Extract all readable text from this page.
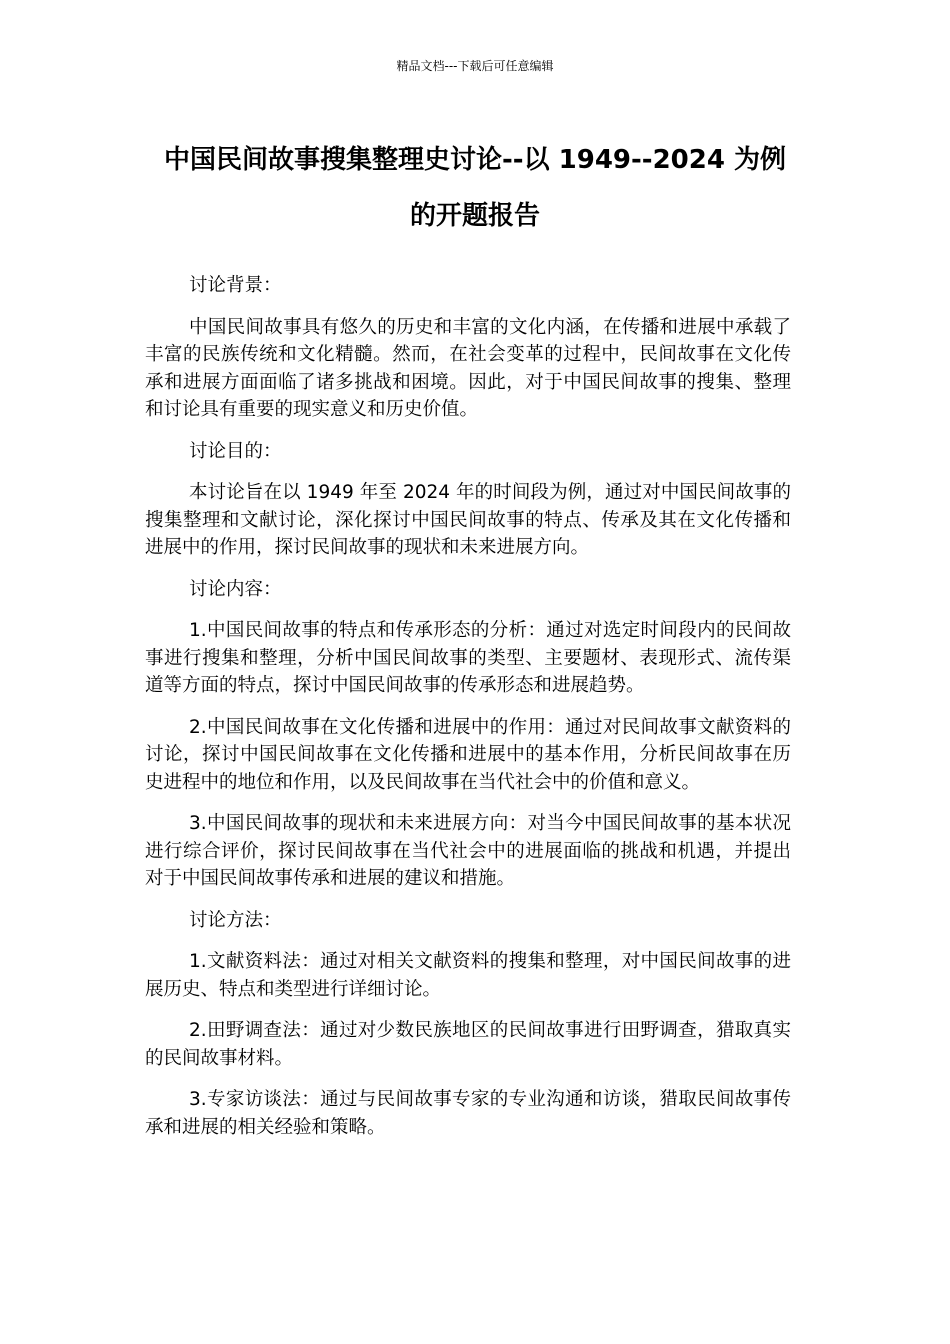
精品文档---下载后可任意编辑
中国民间故事搜集整理史讨论--以 1949--2024 为例
的开题报告

讨论背景：

中国民间故事具有悠久的历史和丰富的文化内涵，在传播和进展中承载了丰富的民族传统和文化精髓。然而，在社会变革的过程中，民间故事在文化传承和进展方面面临了诸多挑战和困境。因此，对于中国民间故事的搜集、整理和讨论具有重要的现实意义和历史价值。

讨论目的：

本讨论旨在以 1949 年至 2024 年的时间段为例，通过对中国民间故事的搜集整理和文献讨论，深化探讨中国民间故事的特点、传承及其在文化传播和进展中的作用，探讨民间故事的现状和未来进展方向。

讨论内容：

1.中国民间故事的特点和传承形态的分析：通过对选定时间段内的民间故事进行搜集和整理，分析中国民间故事的类型、主要题材、表现形式、流传渠道等方面的特点，探讨中国民间故事的传承形态和进展趋势。

2.中国民间故事在文化传播和进展中的作用：通过对民间故事文献资料的讨论，探讨中国民间故事在文化传播和进展中的基本作用，分析民间故事在历史进程中的地位和作用，以及民间故事在当代社会中的价值和意义。

3.中国民间故事的现状和未来进展方向：对当今中国民间故事的基本状况进行综合评价，探讨民间故事在当代社会中的进展面临的挑战和机遇，并提出对于中国民间故事传承和进展的建议和措施。

讨论方法：

1.文献资料法：通过对相关文献资料的搜集和整理，对中国民间故事的进展历史、特点和类型进行详细讨论。

2.田野调查法：通过对少数民族地区的民间故事进行田野调查，猎取真实的民间故事材料。

3.专家访谈法：通过与民间故事专家的专业沟通和访谈，猎取民间故事传承和进展的相关经验和策略。
